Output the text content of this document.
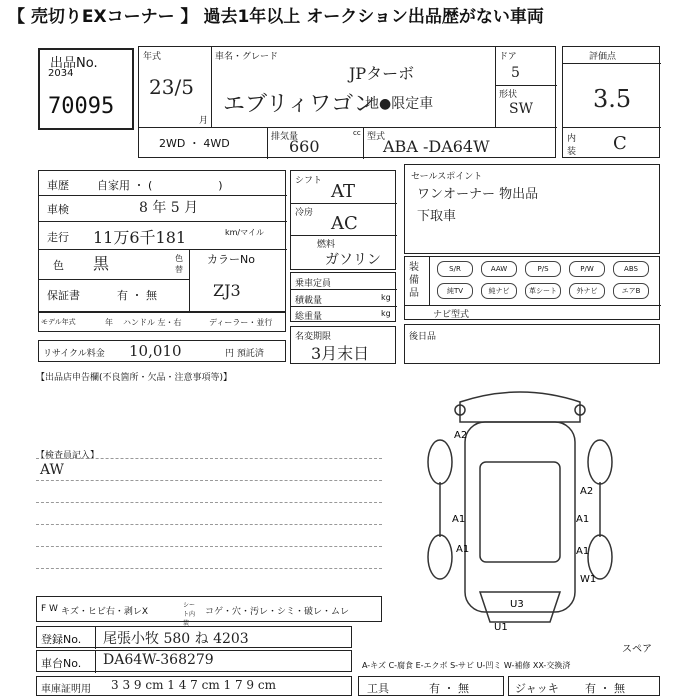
【 売切りEXコーナー 】 過去1年以上 オークション出品歴がない車両
出品No.
2034
70095
年式
23/5
月
車名・グレード
JPターボ
エブリィワゴン
地●限定車
ドア
5
形状
SW
2WD ・ 4WD	排気量
660
cc 型式
ABA -DA64W
評価点
3.5
内装 C
車歴	自家用 ・ (　　　　　　)
車検	8 年 5 月
走行 11万6千181	km/マイル
色 黒	色替
カラーNo
ZJ3
保証書	有 ・ 無
モデル年式	年 ハンドル 左・右	ディーラー・並行
リサイクル料金 10,010	円 預託済
シフト AT
冷房 AC
燃料
ガソリン
乗車定員
積載量	kg
総重量	kg
名変期限
3月末日
セールスポイント
ワンオーナー 物出品
下取車
装備品
S/R	AAW	P/S	P/W	ABS
純TV	純ナビ	革シート	外ナビ	エアB
ナビ型式
後日品
【出品店申告欄(不良箇所・欠品・注意事項等)】
【検査員記入】
AW
A2
A2
A1	A1
A1	A1
U3
U1
W1
スペア
F W キズ・ヒビ右・剥レX
シート内装
コゲ・穴・汚レ・シミ・破レ・ムレ
登録No. 尾張小牧 580 ね 4203
車台No. DA64W-368279
車庫証明用 3 3 9 cm 1 4 7 cm 1 7 9 cm
A-キズ C-腐食 E-エクボ S-サビ U-凹ミ W-補修 XX-交換済
工具	有 ・ 無	ジャッキ 有 ・ 無
